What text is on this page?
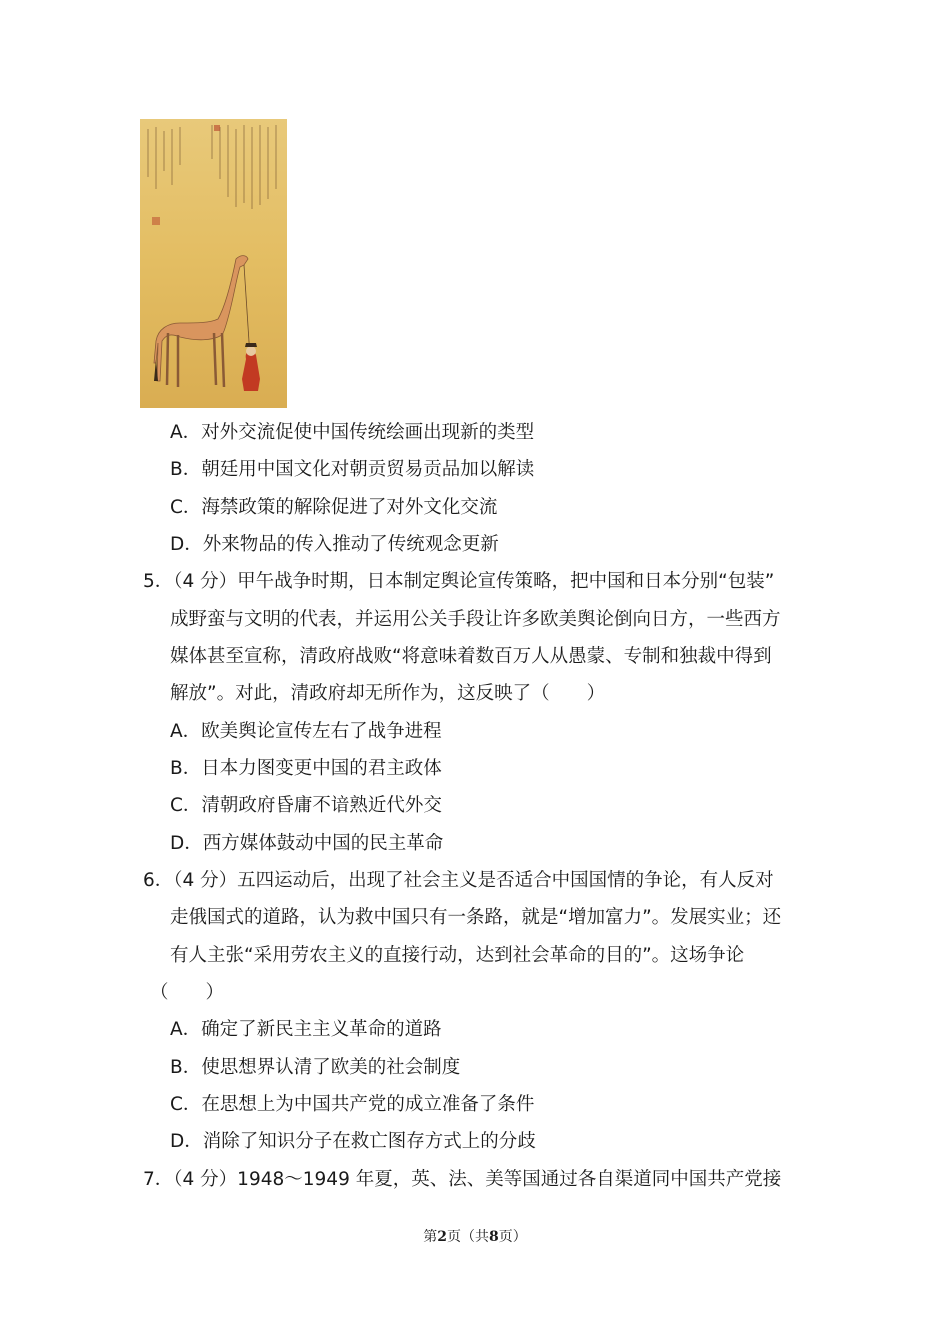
A．对外交流促使中国传统绘画出现新的类型
B．朝廷用中国文化对朝贡贸易贡品加以解读
C．海禁政策的解除促进了对外文化交流
D．外来物品的传入推动了传统观念更新
5．（4 分）甲午战争时期，日本制定舆论宣传策略，把中国和日本分别“包装”
成野蛮与文明的代表，并运用公关手段让许多欧美舆论倒向日方，一些西方
媒体甚至宣称，清政府战败“将意味着数百万人从愚蒙、专制和独裁中得到
解放”。对此，清政府却无所作为，这反映了（　　）
A．欧美舆论宣传左右了战争进程
B．日本力图变更中国的君主政体
C．清朝政府昏庸不谙熟近代外交
D．西方媒体鼓动中国的民主革命
6．（4 分）五四运动后，出现了社会主义是否适合中国国情的争论，有人反对
走俄国式的道路，认为救中国只有一条路，就是“增加富力”。发展实业；还
有人主张“采用劳农主义的直接行动，达到社会革命的目的”。这场争论
（　　）
A．确定了新民主主义革命的道路
B．使思想界认清了欧美的社会制度
C．在思想上为中国共产党的成立准备了条件
D．消除了知识分子在救亡图存方式上的分歧
7．（4 分）1948～1949 年夏，英、法、美等国通过各自渠道同中国共产党接
第2页（共8页）
